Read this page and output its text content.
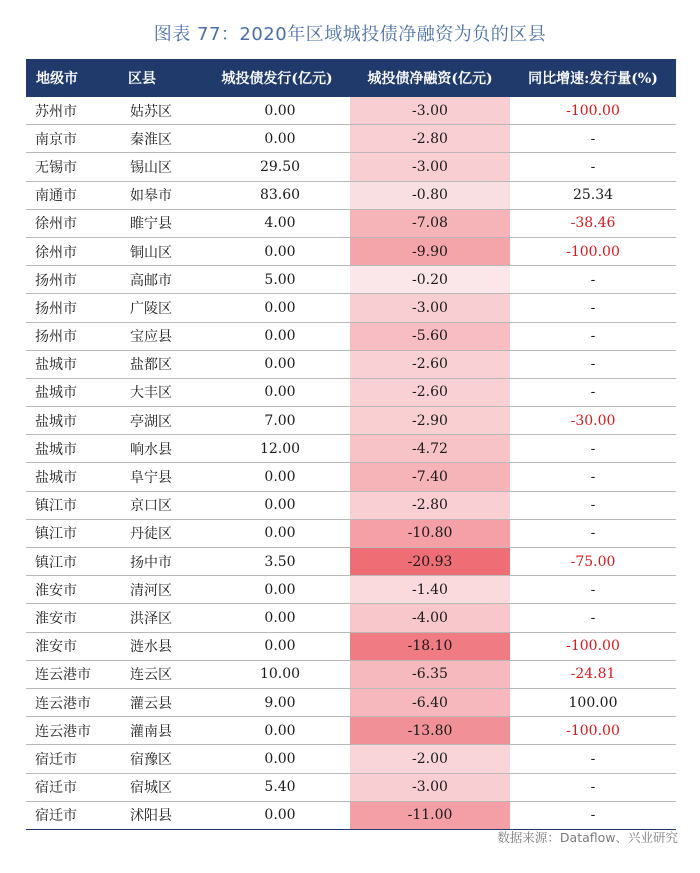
图表 77：2020年区域城投债净融资为负的区县
地级市	区县	城投债发行(亿元)	城投债净融资(亿元)	同比增速:发行量(%)
苏州市	姑苏区	0.00	-3.00	-100.00
南京市	秦淮区	0.00	-2.80	-
无锡市	锡山区	29.50	-3.00	-
南通市	如皋市	83.60	-0.80	25.34
徐州市	睢宁县	4.00	-7.08	-38.46
徐州市	铜山区	0.00	-9.90	-100.00
扬州市	高邮市	5.00	-0.20	-
扬州市	广陵区	0.00	-3.00	-
扬州市	宝应县	0.00	-5.60	-
盐城市	盐都区	0.00	-2.60	-
盐城市	大丰区	0.00	-2.60	-
盐城市	亭湖区	7.00	-2.90	-30.00
盐城市	响水县	12.00	-4.72	-
盐城市	阜宁县	0.00	-7.40	-
镇江市	京口区	0.00	-2.80	-
镇江市	丹徒区	0.00	-10.80	-
镇江市	扬中市	3.50	-20.93	-75.00
淮安市	清河区	0.00	-1.40	-
淮安市	洪泽区	0.00	-4.00	-
淮安市	涟水县	0.00	-18.10	-100.00
连云港市	连云区	10.00	-6.35	-24.81
连云港市	灌云县	9.00	-6.40	100.00
连云港市	灌南县	0.00	-13.80	-100.00
宿迁市	宿豫区	0.00	-2.00	-
宿迁市	宿城区	5.40	-3.00	-
宿迁市	沭阳县	0.00	-11.00	-
数据来源：Dataflow、兴业研究
